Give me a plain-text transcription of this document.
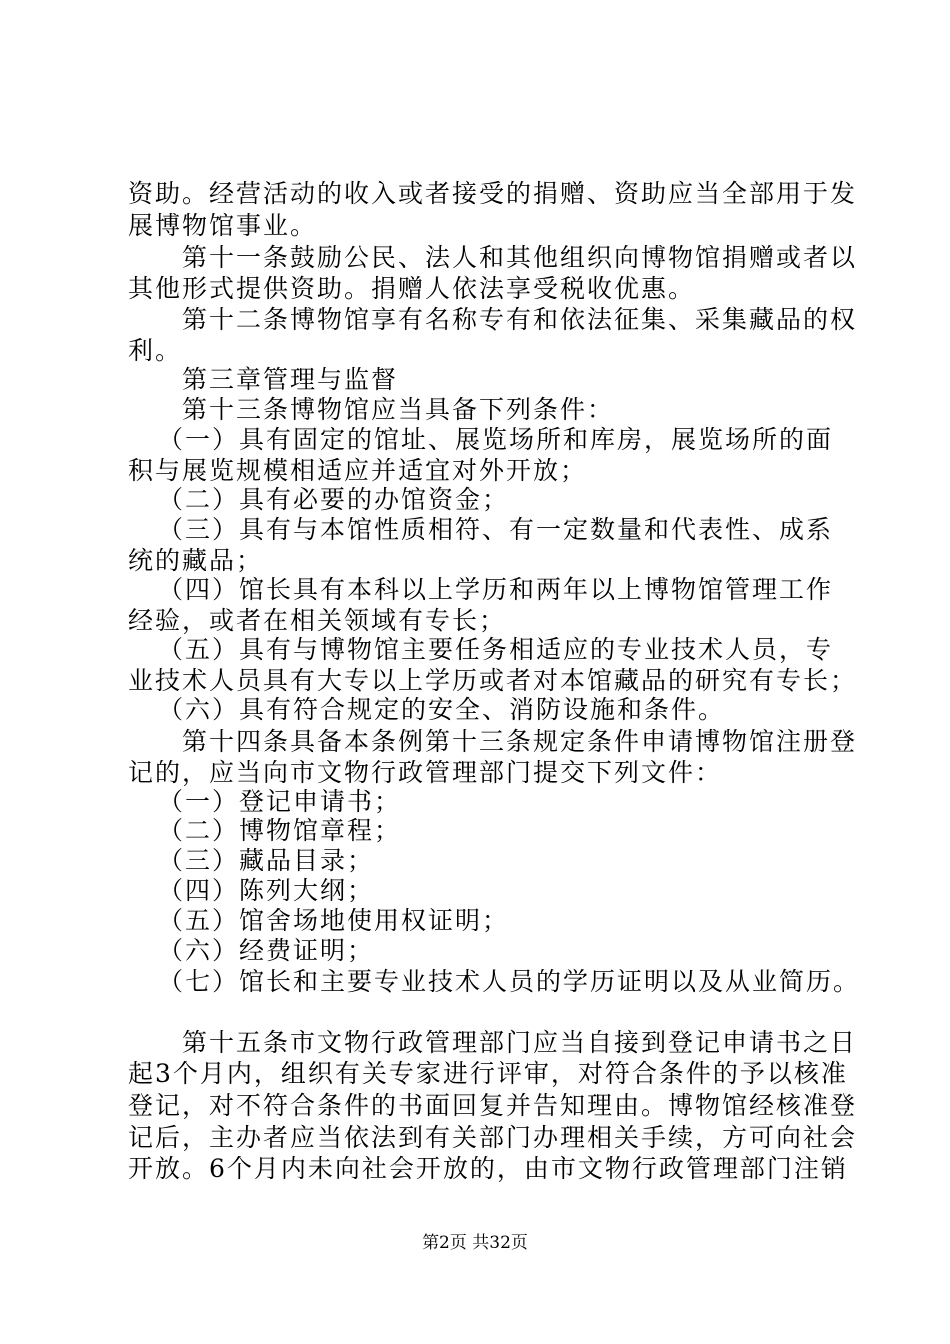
资助。经营活动的收入或者接受的捐赠、资助应当全部用于发
展博物馆事业。
第十一条鼓励公民、法人和其他组织向博物馆捐赠或者以
其他形式提供资助。捐赠人依法享受税收优惠。
第十二条博物馆享有名称专有和依法征集、采集藏品的权
利。
第三章管理与监督
第十三条博物馆应当具备下列条件：
（一）具有固定的馆址、展览场所和库房，展览场所的面
积与展览规模相适应并适宜对外开放；
（二）具有必要的办馆资金；
（三）具有与本馆性质相符、有一定数量和代表性、成系
统的藏品；
（四）馆长具有本科以上学历和两年以上博物馆管理工作
经验，或者在相关领域有专长；
（五）具有与博物馆主要任务相适应的专业技术人员，专
业技术人员具有大专以上学历或者对本馆藏品的研究有专长；
（六）具有符合规定的安全、消防设施和条件。
第十四条具备本条例第十三条规定条件申请博物馆注册登
记的，应当向市文物行政管理部门提交下列文件：
（一）登记申请书；
（二）博物馆章程；
（三）藏品目录；
（四）陈列大纲；
（五）馆舍场地使用权证明；
（六）经费证明；
（七）馆长和主要专业技术人员的学历证明以及从业简历。
第十五条市文物行政管理部门应当自接到登记申请书之日
起3个月内，组织有关专家进行评审，对符合条件的予以核准
登记，对不符合条件的书面回复并告知理由。博物馆经核准登
记后，主办者应当依法到有关部门办理相关手续，方可向社会
开放。6个月内未向社会开放的，由市文物行政管理部门注销
第2页 共32页
